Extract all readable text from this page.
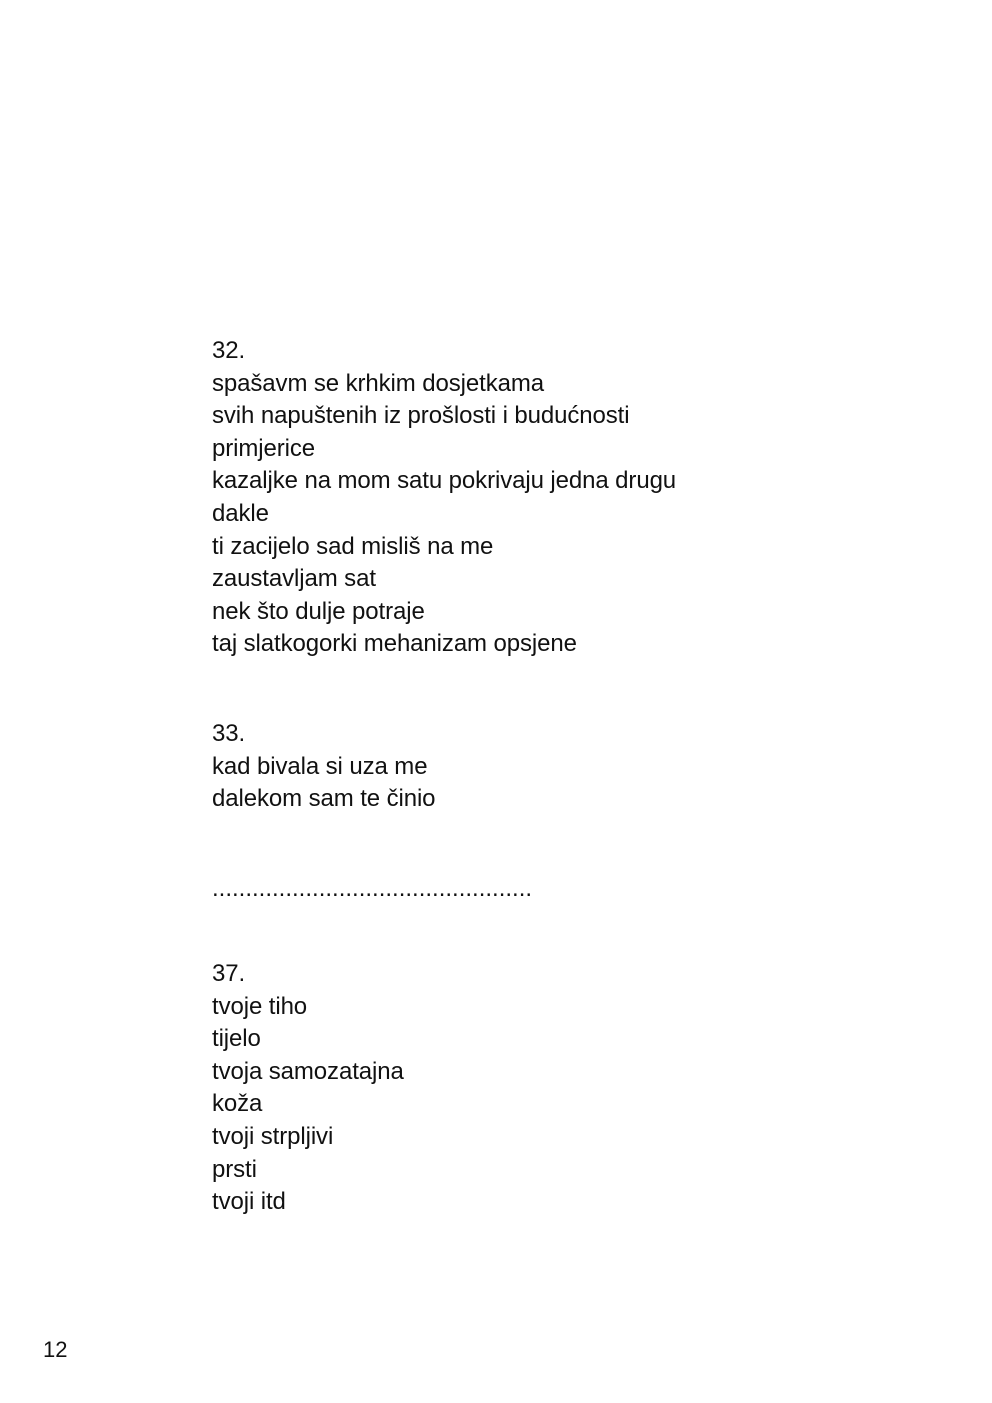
32.
spašavm se krhkim dosjetkama
svih napuštenih iz prošlosti i budućnosti
primjerice
kazaljke na mom satu pokrivaju jedna drugu
dakle
ti zacijelo sad misliš na me
zaustavljam sat
nek što dulje potraje
taj slatkogorki mehanizam opsjene
33.
kad bivala si uza me
dalekom sam te činio
................................................
37.
tvoje tiho
tijelo
tvoja samozatajna
koža
tvoji strpljivi
prsti
tvoji itd
12
